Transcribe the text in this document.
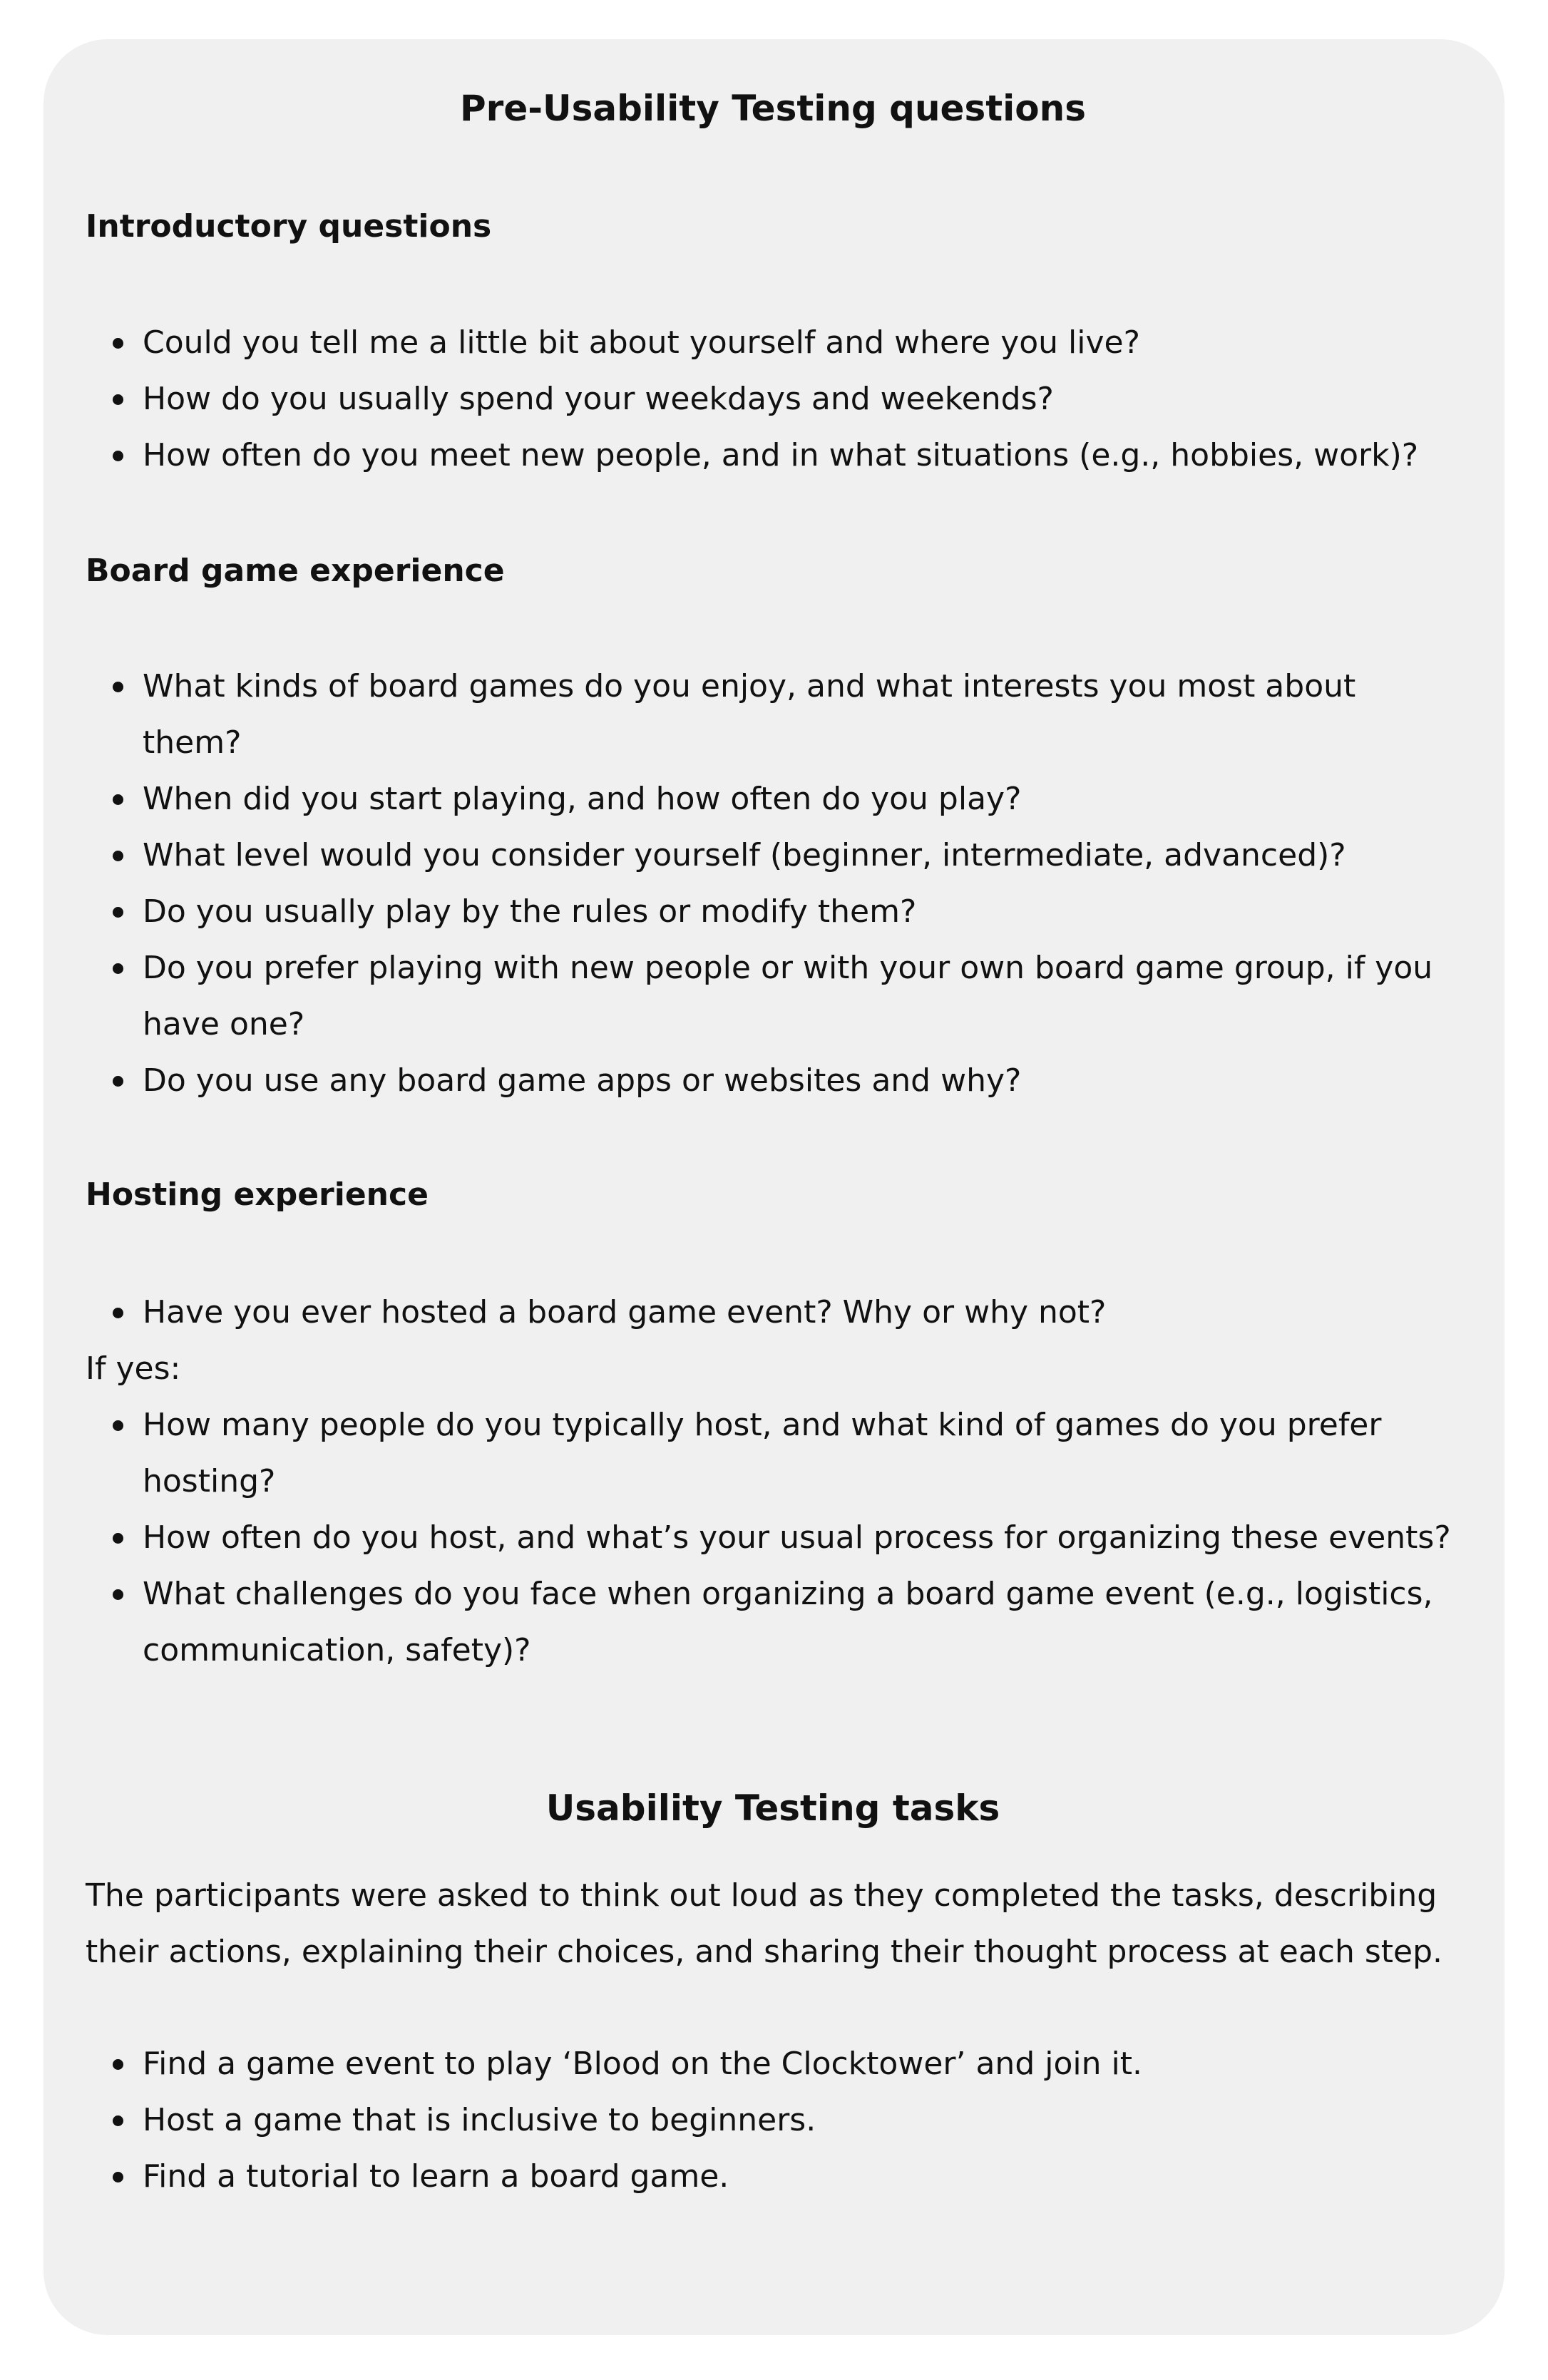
Pre-Usability Testing questions
Introductory questions
Could you tell me a little bit about yourself and where you live?
How do you usually spend your weekdays and weekends?
How often do you meet new people, and in what situations (e.g., hobbies, work)?
Board game experience
What kinds of board games do you enjoy, and what interests you most about them?
When did you start playing, and how often do you play?
What level would you consider yourself (beginner, intermediate, advanced)?
Do you usually play by the rules or modify them?
Do you prefer playing with new people or with your own board game group, if you have one?
Do you use any board game apps or websites and why?
Hosting experience
Have you ever hosted a board game event? Why or why not?

If yes:

How many people do you typically host, and what kind of games do you prefer hosting?
How often do you host, and what’s your usual process for organizing these events?
What challenges do you face when organizing a board game event (e.g., logistics, communication, safety)?
Usability Testing tasks

The participants were asked to think out loud as they completed the tasks, describing their actions, explaining their choices, and sharing their thought process at each step.

Find a game event to play ‘Blood on the Clocktower’ and join it.
Host a game that is inclusive to beginners.
Find a tutorial to learn a board game.
